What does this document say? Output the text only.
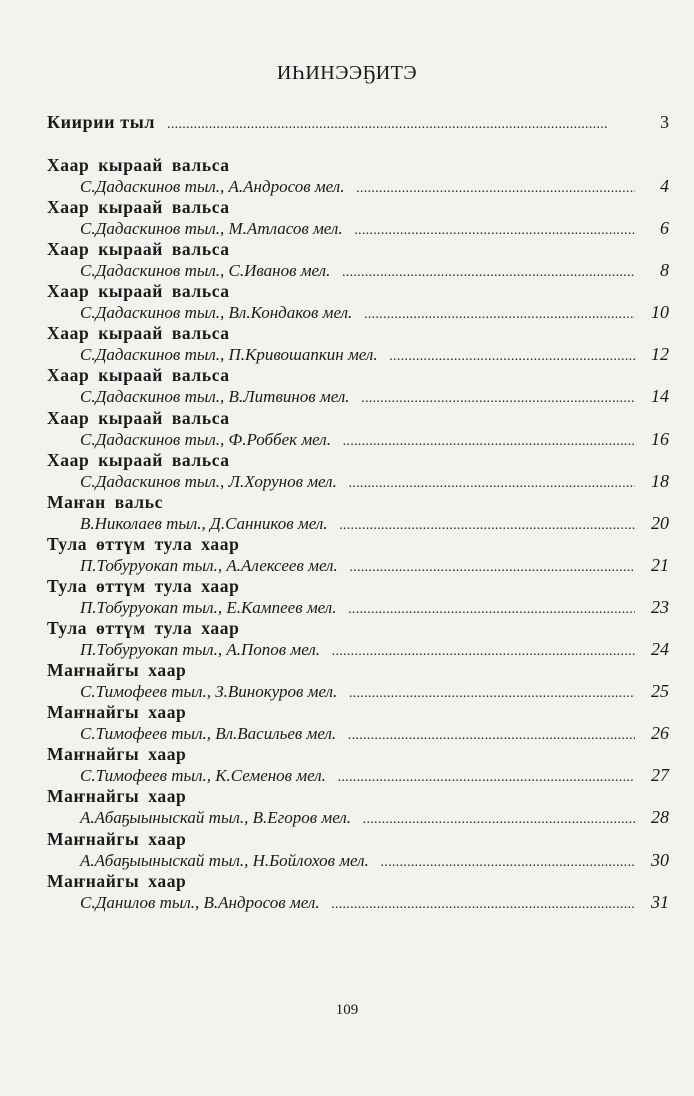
ИҺИНЭЭҔИТЭ
Киирии тыл . . .	3
Хаар кыраай вальса
С.Дадаскинов тыл., А.Андросов мел. . . .	4
Хаар кыраай вальса
С.Дадаскинов тыл., М.Атласов мел. . . .	6
Хаар кыраай вальса
С.Дадаскинов тыл., С.Иванов мел. . . .	8
Хаар кыраай вальса
С.Дадаскинов тыл., Вл.Кондаков мел. . . .	10
Хаар кыраай вальса
С.Дадаскинов тыл., П.Кривошапкин мел. . . .	12
Хаар кыраай вальса
С.Дадаскинов тыл., В.Литвинов мел. . . .	14
Хаар кыраай вальса
С.Дадаскинов тыл., Ф.Роббек мел. . . .	16
Хаар кыраай вальса
С.Дадаскинов тыл., Л.Хорунов мел. . . .	18
Маҥан вальс
В.Николаев тыл., Д.Санников мел. . . .	20
Тула өттүм тула хаар
П.Тобуруокап тыл., А.Алексеев мел. . . .	21
Тула өттүм тула хаар
П.Тобуруокап тыл., Е.Кампеев мел. . . .	23
Тула өттүм тула хаар
П.Тобуруокап тыл., А.Попов мел. . . .	24
Маҥнайгы хаар
С.Тимофеев тыл., З.Винокуров мел. . . .	25
Маҥнайгы хаар
С.Тимофеев тыл., Вл.Васильев мел. . . .	26
Маҥнайгы хаар
С.Тимофеев тыл., К.Семенов мел. . . .	27
Маҥнайгы хаар
А.Абаҕыыныскай тыл., В.Егоров мел. . . .	28
Маҥнайгы хаар
А.Абаҕыыныскай тыл., Н.Бойлохов мел. . . .	30
Маҥнайгы хаар
С.Данилов тыл., В.Андросов мел. . . .	31
109
